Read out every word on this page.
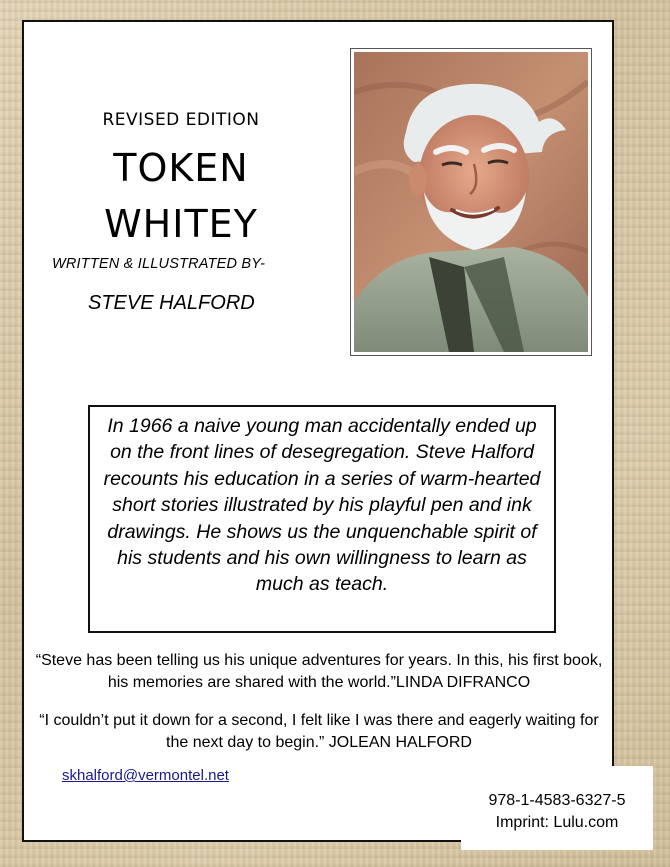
REVISED EDITION
TOKEN
WHITEY
WRITTEN & ILLUSTRATED BY-
STEVE HALFORD
In 1966 a naive young man accidentally ended up on the front lines of desegregation. Steve Halford recounts his education in a series of warm-hearted short stories illustrated by his playful pen and ink drawings. He shows us the unquenchable spirit of his students and his own willingness to learn as much as teach.
“Steve has been telling us his unique adventures for years. In this, his first book, his memories are shared with the world.”LINDA DIFRANCO
“I couldn’t put it down for a second, I felt like I was there and eagerly waiting for the next day to begin.” JOLEAN HALFORD
skhalford@vermontel.net
978-1-4583-6327-5
Imprint: Lulu.com
